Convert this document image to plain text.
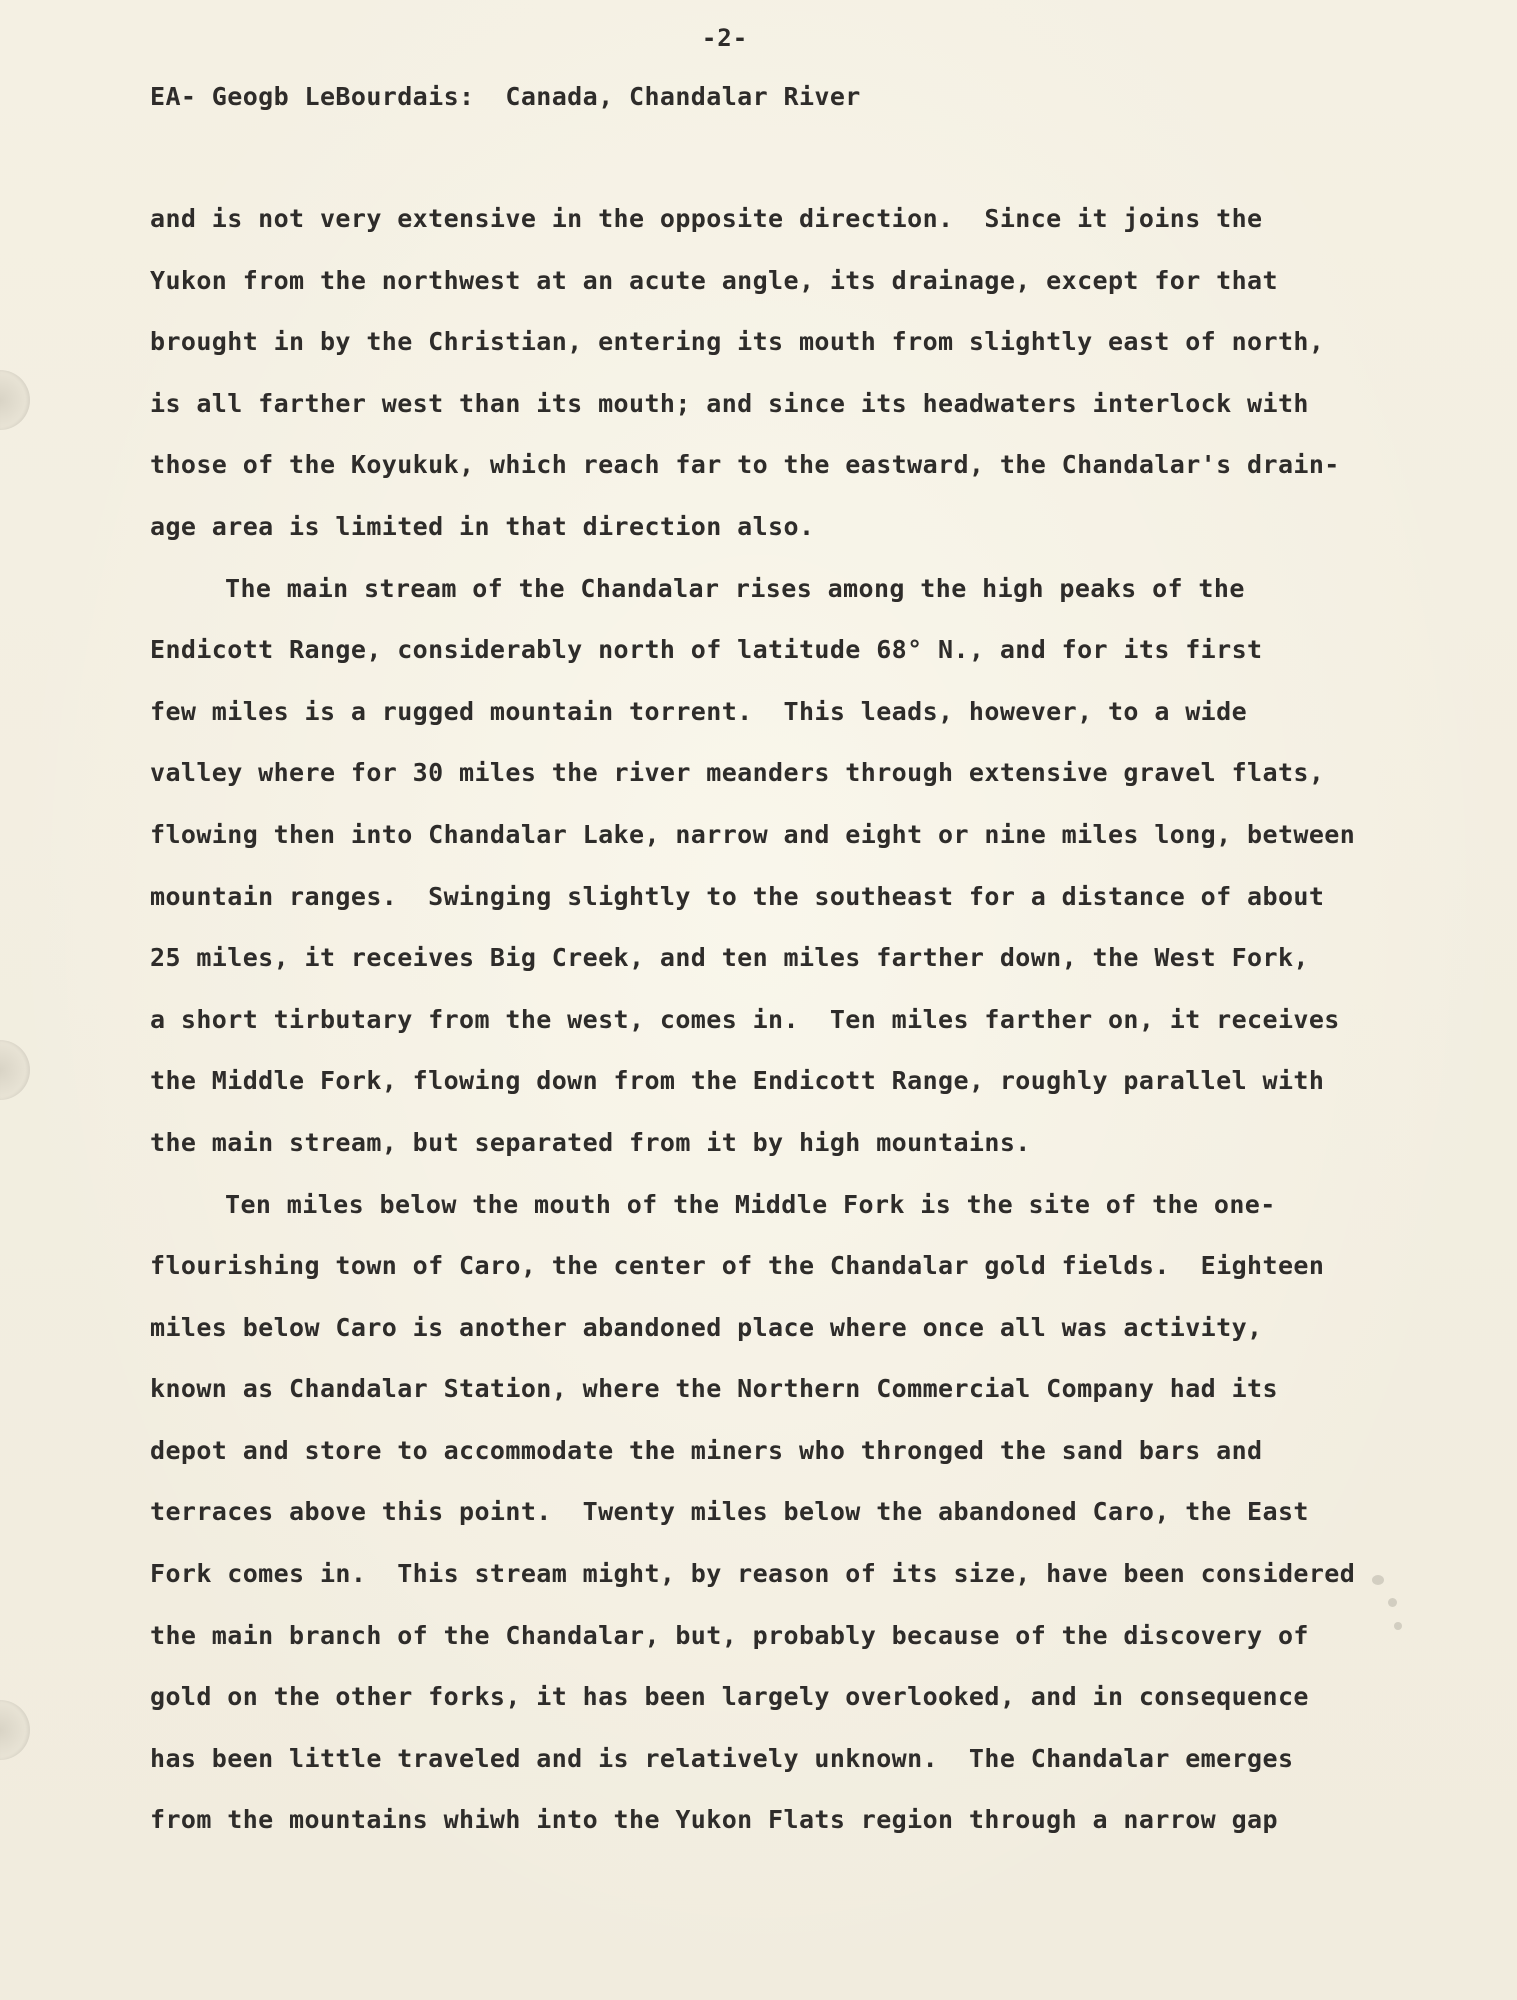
-2-
EA- Geogb LeBourdais:  Canada, Chandalar River
and is not very extensive in the opposite direction.  Since it joins the
Yukon from the northwest at an acute angle, its drainage, except for that
brought in by the Christian, entering its mouth from slightly east of north,
is all farther west than its mouth; and since its headwaters interlock with
those of the Koyukuk, which reach far to the eastward, the Chandalar's drain-
age area is limited in that direction also.
The main stream of the Chandalar rises among the high peaks of the
Endicott Range, considerably north of latitude 68° N., and for its first
few miles is a rugged mountain torrent.  This leads, however, to a wide
valley where for 30 miles the river meanders through extensive gravel flats,
flowing then into Chandalar Lake, narrow and eight or nine miles long, between
mountain ranges.  Swinging slightly to the southeast for a distance of about
25 miles, it receives Big Creek, and ten miles farther down, the West Fork,
a short tirbutary from the west, comes in.  Ten miles farther on, it receives
the Middle Fork, flowing down from the Endicott Range, roughly parallel with
the main stream, but separated from it by high mountains.
Ten miles below the mouth of the Middle Fork is the site of the one-
flourishing town of Caro, the center of the Chandalar gold fields.  Eighteen
miles below Caro is another abandoned place where once all was activity,
known as Chandalar Station, where the Northern Commercial Company had its
depot and store to accommodate the miners who thronged the sand bars and
terraces above this point.  Twenty miles below the abandoned Caro, the East
Fork comes in.  This stream might, by reason of its size, have been considered
the main branch of the Chandalar, but, probably because of the discovery of
gold on the other forks, it has been largely overlooked, and in consequence
has been little traveled and is relatively unknown.  The Chandalar emerges
from the mountains whiwh into the Yukon Flats region through a narrow gap
